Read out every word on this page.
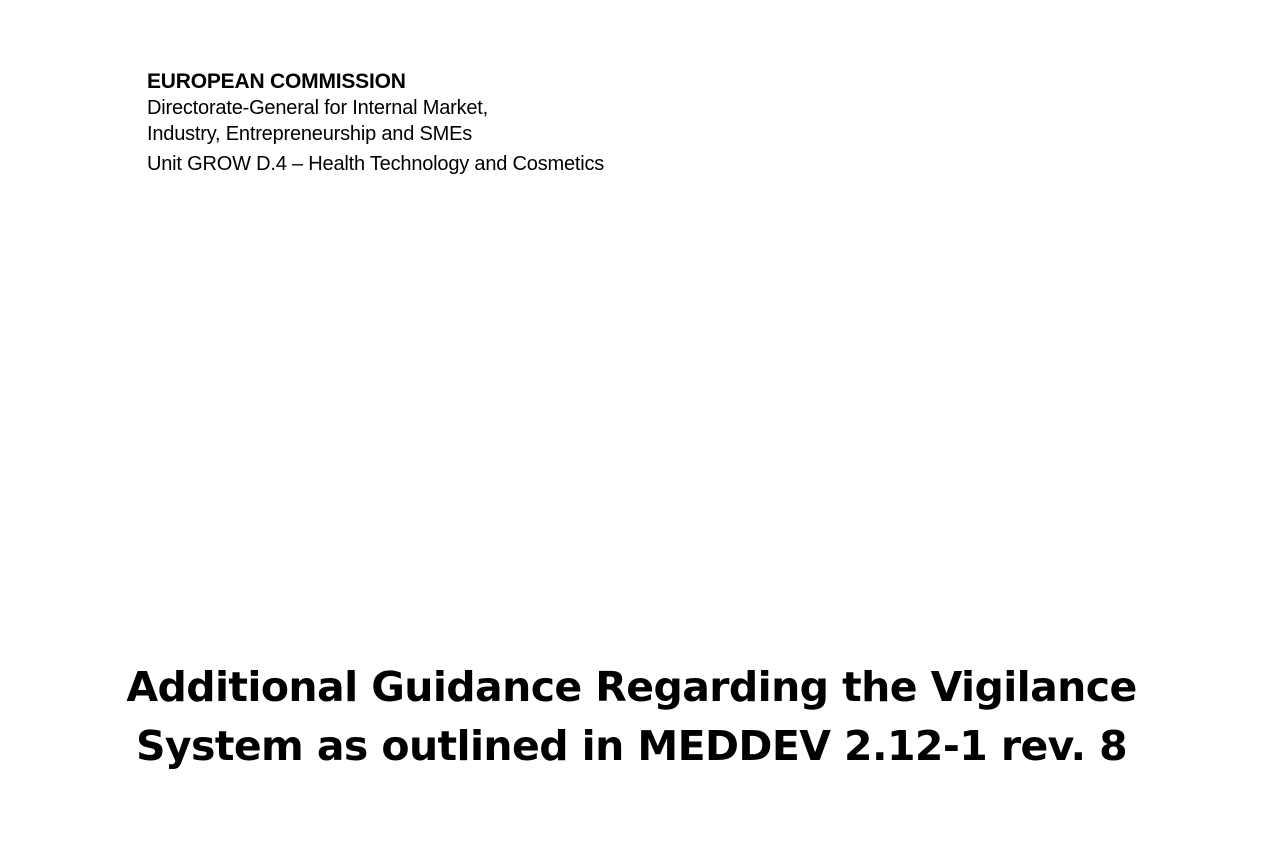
EUROPEAN COMMISSION
Directorate-General for Internal Market,
Industry, Entrepreneurship and SMEs
Unit GROW D.4 – Health Technology and Cosmetics
Additional Guidance Regarding the Vigilance
System as outlined in MEDDEV 2.12-1 rev. 8
